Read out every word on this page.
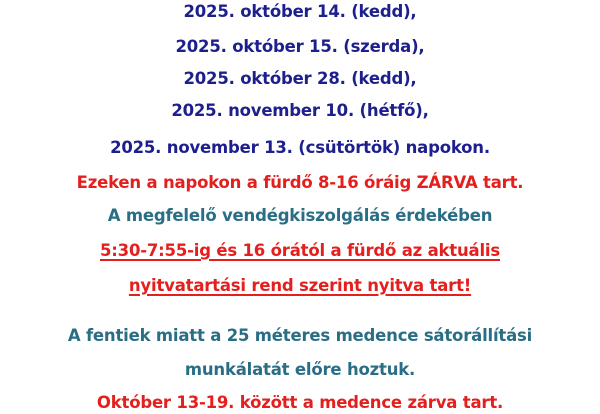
2025. október 14. (kedd),
2025. október 15. (szerda),
2025. október 28. (kedd),
2025. november 10. (hétfő),
2025. november 13. (csütörtök) napokon.
Ezeken a napokon a fürdő 8-16 óráig ZÁRVA tart.
A megfelelő vendégkiszolgálás érdekében
5:30-7:55-ig és 16 órától a fürdő az aktuális
nyitvatartási rend szerint nyitva tart!
A fentiek miatt a 25 méteres medence sátorállítási
munkálatát előre hoztuk.
Október 13-19. között a medence zárva tart.
